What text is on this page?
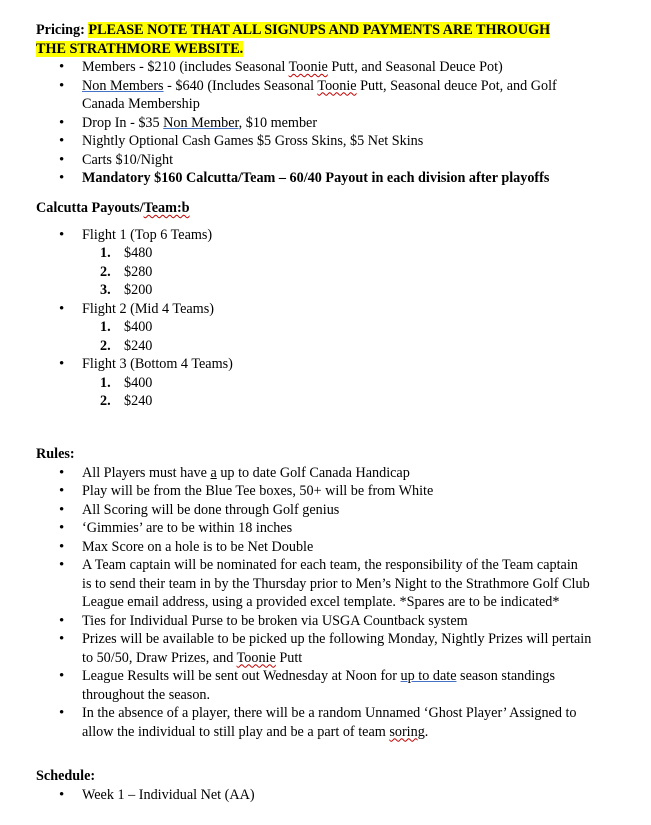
Pricing: PLEASE NOTE THAT ALL SIGNUPS AND PAYMENTS ARE THROUGH
THE STRATHMORE WEBSITE.
• Members - $210 (includes Seasonal Toonie Putt, and Seasonal Deuce Pot)
• Non Members - $640 (Includes Seasonal Toonie Putt, Seasonal deuce Pot, and Golf
Canada Membership
• Drop In - $35 Non Member, $10 member
• Nightly Optional Cash Games $5 Gross Skins, $5 Net Skins
• Carts $10/Night
• Mandatory $160 Calcutta/Team – 60/40 Payout in each division after playoffs
Calcutta Payouts/Team:b
• Flight 1 (Top 6 Teams)
1. $480
2. $280
3. $200
• Flight 2 (Mid 4 Teams)
1. $400
2. $240
• Flight 3 (Bottom 4 Teams)
1. $400
2. $240
Rules:
• All Players must have a up to date Golf Canada Handicap
• Play will be from the Blue Tee boxes, 50+ will be from White
• All Scoring will be done through Golf genius
• ‘Gimmies’ are to be within 18 inches
• Max Score on a hole is to be Net Double
• A Team captain will be nominated for each team, the responsibility of the Team captain
is to send their team in by the Thursday prior to Men’s Night to the Strathmore Golf Club
League email address, using a provided excel template. *Spares are to be indicated*
• Ties for Individual Purse to be broken via USGA Countback system
• Prizes will be available to be picked up the following Monday, Nightly Prizes will pertain
to 50/50, Draw Prizes, and Toonie Putt
• League Results will be sent out Wednesday at Noon for up to date season standings
throughout the season.
• In the absence of a player, there will be a random Unnamed ‘Ghost Player’ Assigned to
allow the individual to still play and be a part of team soring.
Schedule:
• Week 1 – Individual Net (AA)
